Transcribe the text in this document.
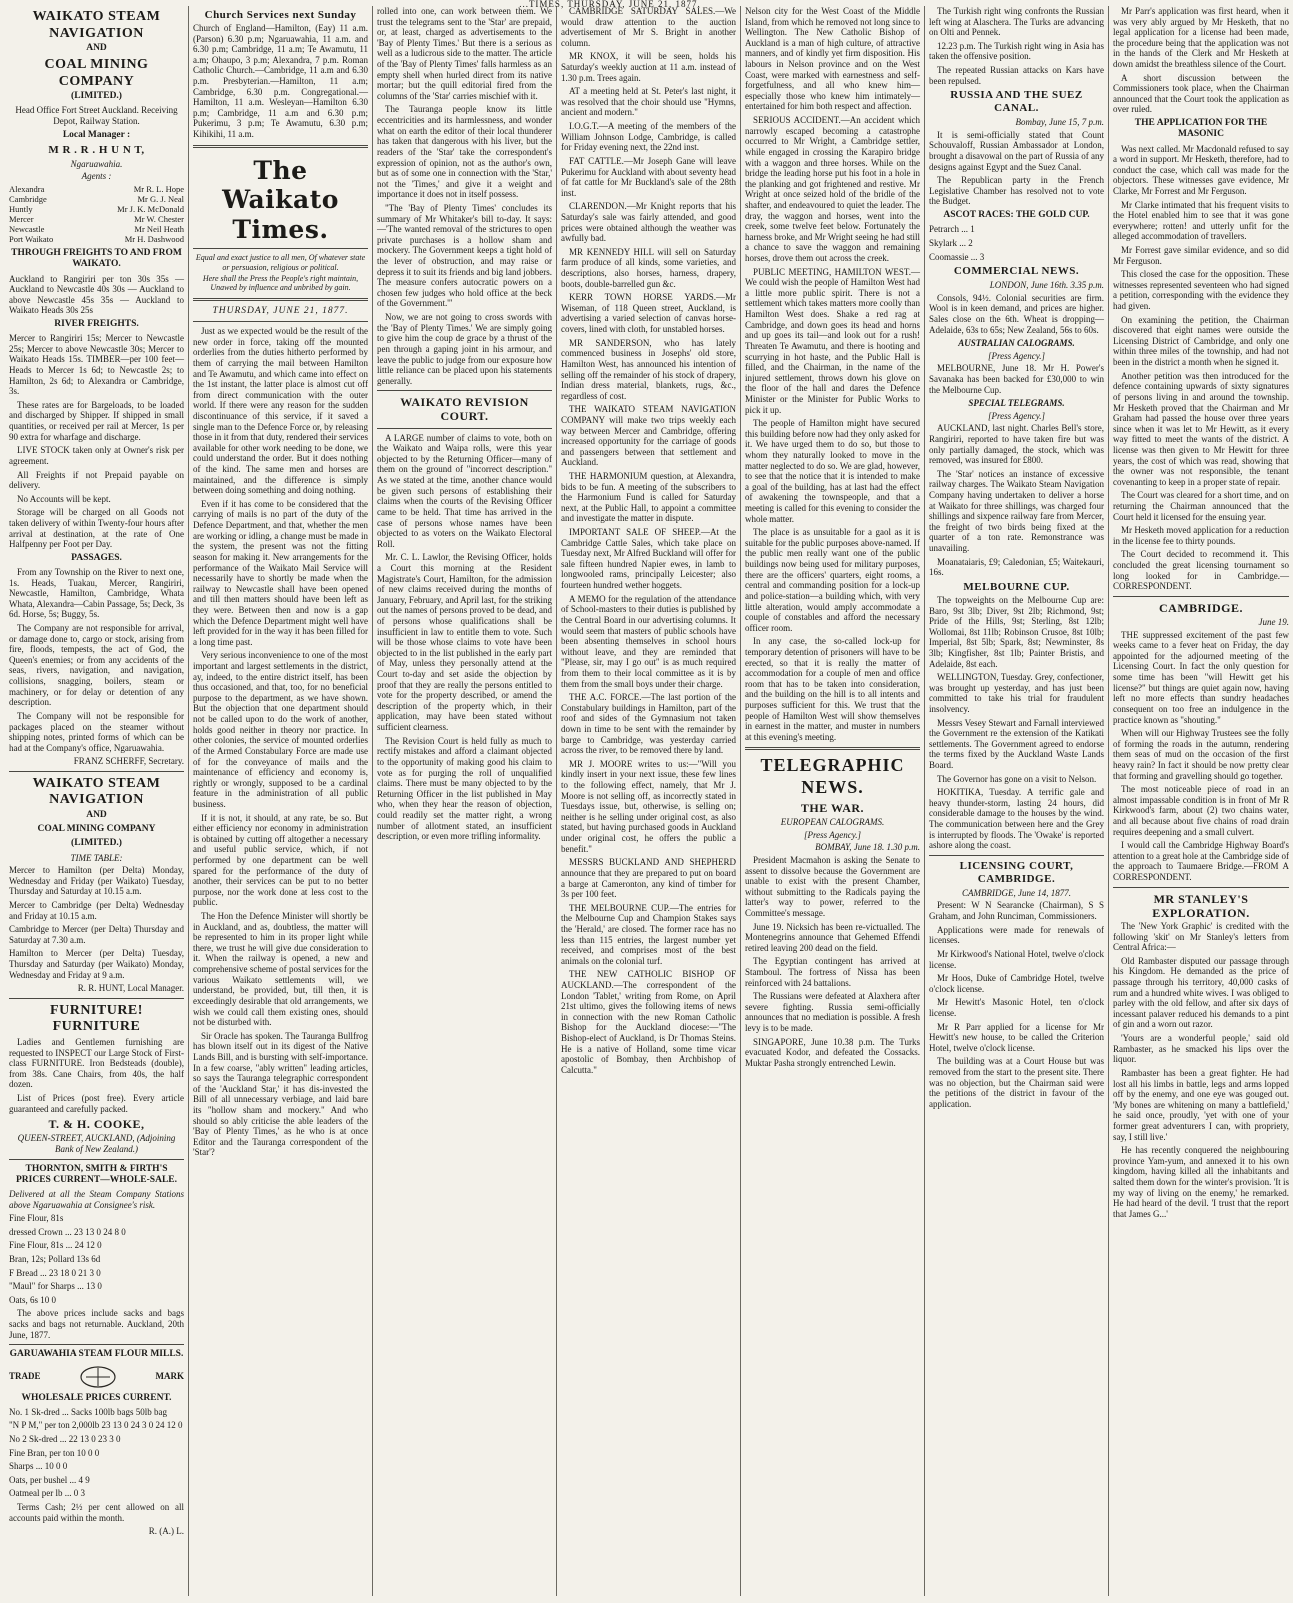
...TIMES, THURSDAY, JUNE 21, 1877.
WAIKATO STEAM NAVIGATION
AND
COAL MINING COMPANY
(LIMITED.)

Head Office Fort Street Auckland. Receiving Depot, Railway Station.

Local Manager :
M R . R . H U N T,
Ngaruawahia.
Agents :
Alexandra	Mr R. L. Hope
Cambridge	Mr G. J. Neal
Huntly	Mr J. K. McDonald
Mercer	Mr W. Chester
Newcastle	Mr Neil Heath
Port Waikato	Mr H. Dashwood
THROUGH FREIGHTS TO AND FROM WAIKATO.

Auckland to Rangiriri per ton 30s 35s — Auckland to Newcastle 40s 30s — Auckland to above Newcastle 45s 35s — Auckland to Waikato Heads 30s 25s

RIVER FREIGHTS.

Mercer to Rangiriri 15s; Mercer to Newcastle 25s; Mercer to above Newcastle 30s; Mercer to Waikato Heads 15s. TIMBER—per 100 feet—Heads to Mercer 1s 6d; to Newcastle 2s; to Hamilton, 2s 6d; to Alexandra or Cambridge, 3s.

These rates are for Bargeloads, to be loaded and discharged by Shipper. If shipped in small quantities, or received per rail at Mercer, 1s per 90 extra for wharfage and discharge.

LIVE STOCK taken only at Owner's risk per agreement.

All Freights if not Prepaid payable on delivery.

No Accounts will be kept.

Storage will be charged on all Goods not taken delivery of within Twenty-four hours after arrival at destination, at the rate of One Halfpenny per Foot per Day.

PASSAGES.

From any Township on the River to next one, 1s. Heads, Tuakau, Mercer, Rangiriri, Newcastle, Hamilton, Cambridge, Whata Whata, Alexandra—Cabin Passage, 5s; Deck, 3s 6d. Horse, 5s; Buggy, 5s.

The Company are not responsible for arrival, or damage done to, cargo or stock, arising from fire, floods, tempests, the act of God, the Queen's enemies; or from any accidents of the seas, rivers, navigation, and navigation, collisions, snagging, boilers, steam or machinery, or for delay or detention of any description.

The Company will not be responsible for packages placed on the steamer without shipping notes, printed forms of which can be had at the Company's office, Ngaruawahia.

FRANZ SCHERFF, Secretary.
WAIKATO STEAM NAVIGATION
AND
COAL MINING COMPANY
(LIMITED.)
TIME TABLE:

Mercer to Hamilton (per Delta) Monday, Wednesday and Friday (per Waikato) Tuesday, Thursday and Saturday at 10.15 a.m.

Mercer to Cambridge (per Delta) Wednesday and Friday at 10.15 a.m.

Cambridge to Mercer (per Delta) Thursday and Saturday at 7.30 a.m.

Hamilton to Mercer (per Delta) Tuesday, Thursday and Saturday (per Waikato) Monday, Wednesday and Friday at 9 a.m.

R. R. HUNT, Local Manager.
FURNITURE! FURNITURE

Ladies and Gentlemen furnishing are requested to INSPECT our Large Stock of First-class FURNITURE. Iron Bedsteads (double), from 38s. Cane Chairs, from 40s, the half dozen.

List of Prices (post free). Every article guaranteed and carefully packed.

T. & H. COOKE,
QUEEN-STREET, AUCKLAND, (Adjoining Bank of New Zealand.)
THORNTON, SMITH & FIRTH'S PRICES CURRENT—WHOLE-SALE.

Delivered at all the Steam Company Stations above Ngaruawahia at Consignee's risk.

Fine Flour, 81s

dressed Crown ... 23 13 0 24 8 0

Fine Flour, 81s ... 24 12 0

Bran, 12s; Pollard 13s 6d

F Bread ... 23 18 0 21 3 0

"Maul" for Sharps ... 13 0

Oats, 6s 10 0

The above prices include sacks and bags sacks and bags not returnable. Auckland, 20th June, 1877.

GARUAWAHIA STEAM FLOUR MILLS.
TRADE	MARK
WHOLESALE PRICES CURRENT.

No. 1 Sk-dred ... Sacks 100lb bags 50lb bag

"N P M," per ton 2,000lb 23 13 0 24 3 0 24 12 0

No 2 Sk-dred ... 22 13 0 23 3 0

Fine Bran, per ton 10 0 0

Sharps ... 10 0 0

Oats, per bushel ... 4 9

Oatmeal per lb ... 0 3

Terms Cash; 2½ per cent allowed on all accounts paid within the month.

R. (A.) L.
Church Services next Sunday

Church of England—Hamilton, (Eay) 11 a.m. (Parson) 6.30 p.m; Ngaruawahia, 11 a.m. and 6.30 p.m; Cambridge, 11 a.m; Te Awamutu, 11 a.m; Ohaupo, 3 p.m; Alexandra, 7 p.m. Roman Catholic Church.—Cambridge, 11 a.m and 6.30 p.m. Presbyterian.—Hamilton, 11 a.m; Cambridge, 6.30 p.m. Congregational.—Hamilton, 11 a.m. Wesleyan—Hamilton 6.30 p.m; Cambridge, 11 a.m and 6.30 p.m; Pukerimu, 3 p.m; Te Awamutu, 6.30 p.m; Kihikihi, 11 a.m.

The Waikato Times.
Equal and exact justice to all men, Of whatever state or persuasion, religious or political.
Here shall the Press the People's right maintain, Unawed by influence and unbribed by gain.
THURSDAY, JUNE 21, 1877.

Just as we expected would be the result of the new order in force, taking off the mounted orderlies from the duties hitherto performed by them of carrying the mail between Hamilton and Te Awamutu, and which came into effect on the 1st instant, the latter place is almost cut off from direct communication with the outer world. If there were any reason for the sudden discontinuance of this service, if it saved a single man to the Defence Force or, by releasing those in it from that duty, rendered their services available for other work needing to be done, we could understand the order. But it does nothing of the kind. The same men and horses are maintained, and the difference is simply between doing something and doing nothing.

Even if it has come to be considered that the carrying of mails is no part of the duty of the Defence Department, and that, whether the men are working or idling, a change must be made in the system, the present was not the fitting season for making it. New arrangements for the performance of the Waikato Mail Service will necessarily have to shortly be made when the railway to Newcastle shall have been opened and till then matters should have been left as they were. Between then and now is a gap which the Defence Department might well have left provided for in the way it has been filled for a long time past.

Very serious inconvenience to one of the most important and largest settlements in the district, ay, indeed, to the entire district itself, has been thus occasioned, and that, too, for no beneficial purpose to the department, as we have shown. But the objection that one department should not be called upon to do the work of another, holds good neither in theory nor practice. In other colonies, the service of mounted orderlies of the Armed Constabulary Force are made use of for the conveyance of mails and the maintenance of efficiency and economy is, rightly or wrongly, supposed to be a cardinal feature in the administration of all public business.

If it is not, it should, at any rate, be so. But either efficiency nor economy in administration is obtained by cutting off altogether a necessary and useful public service, which, if not performed by one department can be well spared for the performance of the duty of another, their services can be put to no better purpose, nor the work done at less cost to the public.

The Hon the Defence Minister will shortly be in Auckland, and as, doubtless, the matter will be represented to him in its proper light while there, we trust he will give due consideration to it. When the railway is opened, a new and comprehensive scheme of postal services for the various Waikato settlements will, we understand, be provided, but, till then, it is exceedingly desirable that old arrangements, we wish we could call them existing ones, should not be disturbed with.

Sir Oracle has spoken. The Tauranga Bullfrog has blown itself out in its digest of the Native Lands Bill, and is bursting with self-importance. In a few coarse, "ably written" leading articles, so says the Tauranga telegraphic correspondent of the 'Auckland Star,' it has dis-invested the Bill of all unnecessary verbiage, and laid bare its "hollow sham and mockery." And who should so ably criticise the able leaders of the 'Bay of Plenty Times,' as he who is at once Editor and the Tauranga correspondent of the 'Star'?

rolled into one, can work between them. We trust the telegrams sent to the 'Star' are prepaid, or, at least, charged as advertisements to the 'Bay of Plenty Times.' But there is a serious as well as a ludicrous side to the matter. The article of the 'Bay of Plenty Times' falls harmless as an empty shell when hurled direct from its native mortar; but the quill editorial fired from the columns of the 'Star' carries mischief with it.

The Tauranga people know its little eccentricities and its harmlessness, and wonder what on earth the editor of their local thunderer has taken that dangerous with his liver, but the readers of the 'Star' take the correspondent's expression of opinion, not as the author's own, but as of some one in connection with the 'Star,' not the 'Times,' and give it a weight and importance it does not in itself possess.

"The 'Bay of Plenty Times' concludes its summary of Mr Whitaker's bill to-day. It says:—'The wanted removal of the strictures to open private purchases is a hollow sham and mockery. The Government keeps a tight hold of the lever of obstruction, and may raise or depress it to suit its friends and big land jobbers. The measure confers autocratic powers on a chosen few judges who hold office at the beck of the Government.'"

Now, we are not going to cross swords with the 'Bay of Plenty Times.' We are simply going to give him the coup de grace by a thrust of the pen through a gaping joint in his armour, and leave the public to judge from our exposure how little reliance can be placed upon his statements generally.

WAIKATO REVISION COURT.

A LARGE number of claims to vote, both on the Waikato and Waipa rolls, were this year objected to by the Returning Officer—many of them on the ground of "incorrect description." As we stated at the time, another chance would be given such persons of establishing their claims when the courts of the Revising Officer came to be held. That time has arrived in the case of persons whose names have been objected to as voters on the Waikato Electoral Roll.

Mr. C. L. Lawlor, the Revising Officer, holds a Court this morning at the Resident Magistrate's Court, Hamilton, for the admission of new claims received during the months of January, February, and April last, for the striking out the names of persons proved to be dead, and of persons whose qualifications shall be insufficient in law to entitle them to vote. Such will be those whose claims to vote have been objected to in the list published in the early part of May, unless they personally attend at the Court to-day and set aside the objection by proof that they are really the persons entitled to vote for the property described, or amend the description of the property which, in their application, may have been stated without sufficient clearness.

The Revision Court is held fully as much to rectify mistakes and afford a claimant objected to the opportunity of making good his claim to vote as for purging the roll of unqualified claims. There must be many objected to by the Returning Officer in the list published in May who, when they hear the reason of objection, could readily set the matter right, a wrong number of allotment stated, an insufficient description, or even more trifling informality.

CAMBRIDGE SATURDAY SALES.—We would draw attention to the auction advertisement of Mr S. Bright in another column.

MR KNOX, it will be seen, holds his Saturday's weekly auction at 11 a.m. instead of 1.30 p.m. Trees again.

AT a meeting held at St. Peter's last night, it was resolved that the choir should use "Hymns, ancient and modern."

I.O.G.T.—A meeting of the members of the William Johnson Lodge, Cambridge, is called for Friday evening next, the 22nd inst.

FAT CATTLE.—Mr Joseph Gane will leave Pukerimu for Auckland with about seventy head of fat cattle for Mr Buckland's sale of the 28th inst.

CLARENDON.—Mr Knight reports that his Saturday's sale was fairly attended, and good prices were obtained although the weather was awfully bad.

MR KENNEDY HILL will sell on Saturday farm produce of all kinds, some varieties, and descriptions, also horses, harness, drapery, boots, double-barrelled gun &c.

KERR TOWN HORSE YARDS.—Mr Wiseman, of 118 Queen street, Auckland, is advertising a varied selection of canvas horse-covers, lined with cloth, for unstabled horses.

MR SANDERSON, who has lately commenced business in Josephs' old store, Hamilton West, has announced his intention of selling off the remainder of his stock of drapery, Indian dress material, blankets, rugs, &c., regardless of cost.

THE WAIKATO STEAM NAVIGATION COMPANY will make two trips weekly each way between Mercer and Cambridge, offering increased opportunity for the carriage of goods and passengers between that settlement and Auckland.

THE HARMONIUM question, at Alexandra, bids to be fun. A meeting of the subscribers to the Harmonium Fund is called for Saturday next, at the Public Hall, to appoint a committee and investigate the matter in dispute.

IMPORTANT SALE OF SHEEP.—At the Cambridge Cattle Sales, which take place on Tuesday next, Mr Alfred Buckland will offer for sale fifteen hundred Napier ewes, in lamb to longwooled rams, principally Leicester; also fourteen hundred wether hoggets.

A MEMO for the regulation of the attendance of School-masters to their duties is published by the Central Board in our advertising columns. It would seem that masters of public schools have been absenting themselves in school hours without leave, and they are reminded that "Please, sir, may I go out" is as much required from them to their local committee as it is by them from the small boys under their charge.

THE A.C. FORCE.—The last portion of the Constabulary buildings in Hamilton, part of the roof and sides of the Gymnasium not taken down in time to be sent with the remainder by barge to Cambridge, was yesterday carried across the river, to be removed there by land.

MR J. MOORE writes to us:—"Will you kindly insert in your next issue, these few lines to the following effect, namely, that Mr J. Moore is not selling off, as incorrectly stated in Tuesdays issue, but, otherwise, is selling on; neither is he selling under original cost, as also stated, but having purchased goods in Auckland under original cost, he offers the public a benefit."

MESSRS BUCKLAND AND SHEPHERD announce that they are prepared to put on board a barge at Cameronton, any kind of timber for 3s per 100 feet.

THE MELBOURNE CUP.—The entries for the Melbourne Cup and Champion Stakes says the 'Herald,' are closed. The former race has no less than 115 entries, the largest number yet received, and comprises most of the best animals on the colonial turf.

THE NEW CATHOLIC BISHOP OF AUCKLAND.—The correspondent of the London 'Tablet,' writing from Rome, on April 21st ultimo, gives the following items of news in connection with the new Roman Catholic Bishop for the Auckland diocese:—"The Bishop-elect of Auckland, is Dr Thomas Steins. He is a native of Holland, some time vicar apostolic of Bombay, then Archbishop of Calcutta."

Nelson city for the West Coast of the Middle Island, from which he removed not long since to Wellington. The New Catholic Bishop of Auckland is a man of high culture, of attractive manners, and of kindly yet firm disposition. His labours in Nelson province and on the West Coast, were marked with earnestness and self-forgetfulness, and all who knew him—especially those who knew him intimately—entertained for him both respect and affection.

SERIOUS ACCIDENT.—An accident which narrowly escaped becoming a catastrophe occurred to Mr Wright, a Cambridge settler, while engaged in crossing the Karapiro bridge with a waggon and three horses. While on the bridge the leading horse put his foot in a hole in the planking and got frightened and restive. Mr Wright at once seized hold of the bridle of the shafter, and endeavoured to quiet the leader. The dray, the waggon and horses, went into the creek, some twelve feet below. Fortunately the harness broke, and Mr Wright seeing he had still a chance to save the waggon and remaining horses, drove them out across the creek.

PUBLIC MEETING, HAMILTON WEST.—We could wish the people of Hamilton West had a little more public spirit. There is not a settlement which takes matters more coolly than Hamilton West does. Shake a red rag at Cambridge, and down goes its head and horns and up goes its tail—and look out for a rush! Threaten Te Awamutu, and there is hooting and scurrying in hot haste, and the Public Hall is filled, and the Chairman, in the name of the injured settlement, throws down his glove on the floor of the hall and dares the Defence Minister or the Minister for Public Works to pick it up.

The people of Hamilton might have secured this building before now had they only asked for it. We have urged them to do so, but those to whom they naturally looked to move in the matter neglected to do so. We are glad, however, to see that the notice that it is intended to make a goal of the building, has at last had the effect of awakening the townspeople, and that a meeting is called for this evening to consider the whole matter.

The place is as unsuitable for a gaol as it is suitable for the public purposes above-named. If the public men really want one of the public buildings now being used for military purposes, there are the officers' quarters, eight rooms, a central and commanding position for a lock-up and police-station—a building which, with very little alteration, would amply accommodate a couple of constables and afford the necessary officer room.

In any case, the so-called lock-up for temporary detention of prisoners will have to be erected, so that it is really the matter of accommodation for a couple of men and office room that has to be taken into consideration, and the building on the hill is to all intents and purposes sufficient for this. We trust that the people of Hamilton West will show themselves in earnest in the matter, and muster in numbers at this evening's meeting.

TELEGRAPHIC NEWS.
THE WAR.
EUROPEAN CALOGRAMS.
[Press Agency.]
BOMBAY, June 18. 1.30 p.m.

President Macmahon is asking the Senate to assent to dissolve because the Government are unable to exist with the present Chamber, without submitting to the Radicals paying the latter's way to power, referred to the Committee's message.

June 19. Nicksich has been re-victualled. The Montenegrins announce that Gehemed Effendi retired leaving 200 dead on the field.

The Egyptian contingent has arrived at Stamboul. The fortress of Nissa has been reinforced with 24 battalions.

The Russians were defeated at Alaxhera after severe fighting. Russia semi-officially announces that no mediation is possible. A fresh levy is to be made.

SINGAPORE, June 10.38 p.m. The Turks evacuated Kodor, and defeated the Cossacks. Muktar Pasha strongly entrenched Lewin.

The Turkish right wing confronts the Russian left wing at Alaschera. The Turks are advancing on Olti and Pennek.

12.23 p.m. The Turkish right wing in Asia has taken the offensive position.

The repeated Russian attacks on Kars have been repulsed.

RUSSIA AND THE SUEZ CANAL.
Bombay, June 15, 7 p.m.

It is semi-officially stated that Count Schouvaloff, Russian Ambassador at London, brought a disavowal on the part of Russia of any designs against Egypt and the Suez Canal.

The Republican party in the French Legislative Chamber has resolved not to vote the Budget.

ASCOT RACES: THE GOLD CUP.

Petrarch ... 1

Skylark ... 2

Coomassie ... 3

COMMERCIAL NEWS.
LONDON, June 16th. 3.35 p.m.

Consols, 94½. Colonial securities are firm. Wool is in keen demand, and prices are higher. Sales close on the 6th. Wheat is dropping—Adelaide, 63s to 65s; New Zealand, 56s to 60s.

AUSTRALIAN CALOGRAMS.
[Press Agency.]

MELBOURNE, June 18. Mr H. Power's Savanaka has been backed for £30,000 to win the Melbourne Cup.

SPECIAL TELEGRAMS.
[Press Agency.]

AUCKLAND, last night. Charles Bell's store, Rangiriri, reported to have taken fire but was only partially damaged, the stock, which was removed, was insured for £800.

The 'Star' notices an instance of excessive railway charges. The Waikato Steam Navigation Company having undertaken to deliver a horse at Waikato for three shillings, was charged four shillings and sixpence railway fare from Mercer, the freight of two birds being fixed at the quarter of a ton rate. Remonstrance was unavailing.

Moanataiaris, £9; Caledonian, £5; Waitekauri, 16s.

MELBOURNE CUP.

The topweights on the Melbourne Cup are: Baro, 9st 3lb; Diver, 9st 2lb; Richmond, 9st; Pride of the Hills, 9st; Sterling, 8st 12lb; Wollomai, 8st 11lb; Robinson Crusoe, 8st 10lb; Imperial, 8st 5lb; Spark, 8st; Newminster, 8s 3lb; Kingfisher, 8st 1lb; Painter Bristis, and Adelaide, 8st each.

WELLINGTON, Tuesday. Grey, confectioner, was brought up yesterday, and has just been committed to take his trial for fraudulent insolvency.

Messrs Vesey Stewart and Farnall interviewed the Government re the extension of the Katikati settlements. The Government agreed to endorse the terms fixed by the Auckland Waste Lands Board.

The Governor has gone on a visit to Nelson.

HOKITIKA, Tuesday. A terrific gale and heavy thunder-storm, lasting 24 hours, did considerable damage to the houses by the wind. The communication between here and the Grey is interrupted by floods. The 'Owake' is reported ashore along the coast.

LICENSING COURT, CAMBRIDGE.
CAMBRIDGE, June 14, 1877.

Present: W N Searancke (Chairman), S S Graham, and John Runciman, Commissioners.

Applications were made for renewals of licenses.

Mr Kirkwood's National Hotel, twelve o'clock license.

Mr Hoos, Duke of Cambridge Hotel, twelve o'clock license.

Mr Hewitt's Masonic Hotel, ten o'clock license.

Mr R Parr applied for a license for Mr Hewitt's new house, to be called the Criterion Hotel, twelve o'clock license.

The building was at a Court House but was removed from the start to the present site. There was no objection, but the Chairman said were the petitions of the district in favour of the application.

Mr Parr's application was first heard, when it was very ably argued by Mr Hesketh, that no legal application for a license had been made, the procedure being that the application was not in the hands of the Clerk and Mr Hesketh at down amidst the breathless silence of the Court.

A short discussion between the Commissioners took place, when the Chairman announced that the Court took the application as over ruled.

THE APPLICATION FOR THE MASONIC

Was next called. Mr Macdonald refused to say a word in support. Mr Hesketh, therefore, had to conduct the case, which call was made for the objectors. These witnesses gave evidence, Mr Clarke, Mr Forrest and Mr Ferguson.

Mr Clarke intimated that his frequent visits to the Hotel enabled him to see that it was gone everywhere; rotten! and utterly unfit for the alleged accommodation of travellers.

Mr Forrest gave similar evidence, and so did Mr Ferguson.

This closed the case for the opposition. These witnesses represented seventeen who had signed a petition, corresponding with the evidence they had given.

On examining the petition, the Chairman discovered that eight names were outside the Licensing District of Cambridge, and only one within three miles of the township, and had not been in the district a month when he signed it.

Another petition was then introduced for the defence containing upwards of sixty signatures of persons living in and around the township. Mr Hesketh proved that the Chairman and Mr Graham had passed the house over three years since when it was let to Mr Hewitt, as it every way fitted to meet the wants of the district. A license was then given to Mr Hewitt for three years, the cost of which was read, showing that the owner was not responsible, the tenant covenanting to keep in a proper state of repair.

The Court was cleared for a short time, and on returning the Chairman announced that the Court held it licensed for the ensuing year.

Mr Hesketh moved application for a reduction in the license fee to thirty pounds.

The Court decided to recommend it. This concluded the great licensing tournament so long looked for in Cambridge.—CORRESPONDENT.

CAMBRIDGE.
June 19.

THE suppressed excitement of the past few weeks came to a fever heat on Friday, the day appointed for the adjourned meeting of the Licensing Court. In fact the only question for some time has been "will Hewitt get his license?" but things are quiet again now, having left no more effects than sundry headaches consequent on too free an indulgence in the practice known as "shouting."

When will our Highway Trustees see the folly of forming the roads in the autumn, rendering them seas of mud on the occasion of the first heavy rain? In fact it should be now pretty clear that forming and gravelling should go together.

The most noticeable piece of road in an almost impassable condition is in front of Mr R Kirkwood's farm, about (2) two chains water, and all because about five chains of road drain requires deepening and a small culvert.

I would call the Cambridge Highway Board's attention to a great hole at the Cambridge side of the approach to Taumaere Bridge.—FROM A CORRESPONDENT.

MR STANLEY'S EXPLORATION.

The 'New York Graphic' is credited with the following 'skit' on Mr Stanley's letters from Central Africa:—

Old Rambaster disputed our passage through his Kingdom. He demanded as the price of passage through his territory, 40,000 casks of rum and a hundred white wives. I was obliged to parley with the old fellow, and after six days of incessant palaver reduced his demands to a pint of gin and a worn out razor.

'Yours are a wonderful people,' said old Rambaster, as he smacked his lips over the liquor.

Rambaster has been a great fighter. He had lost all his limbs in battle, legs and arms lopped off by the enemy, and one eye was gouged out. 'My bones are whitening on many a battlefield,' he said once, proudly, 'yet with one of your former great adventurers I can, with propriety, say, I still live.'

He has recently conquered the neighbouring province Yam-yum, and annexed it to his own kingdom, having killed all the inhabitants and salted them down for the winter's provision. 'It is my way of living on the enemy,' he remarked. He had heard of the devil. 'I trust that the report that James G...'
